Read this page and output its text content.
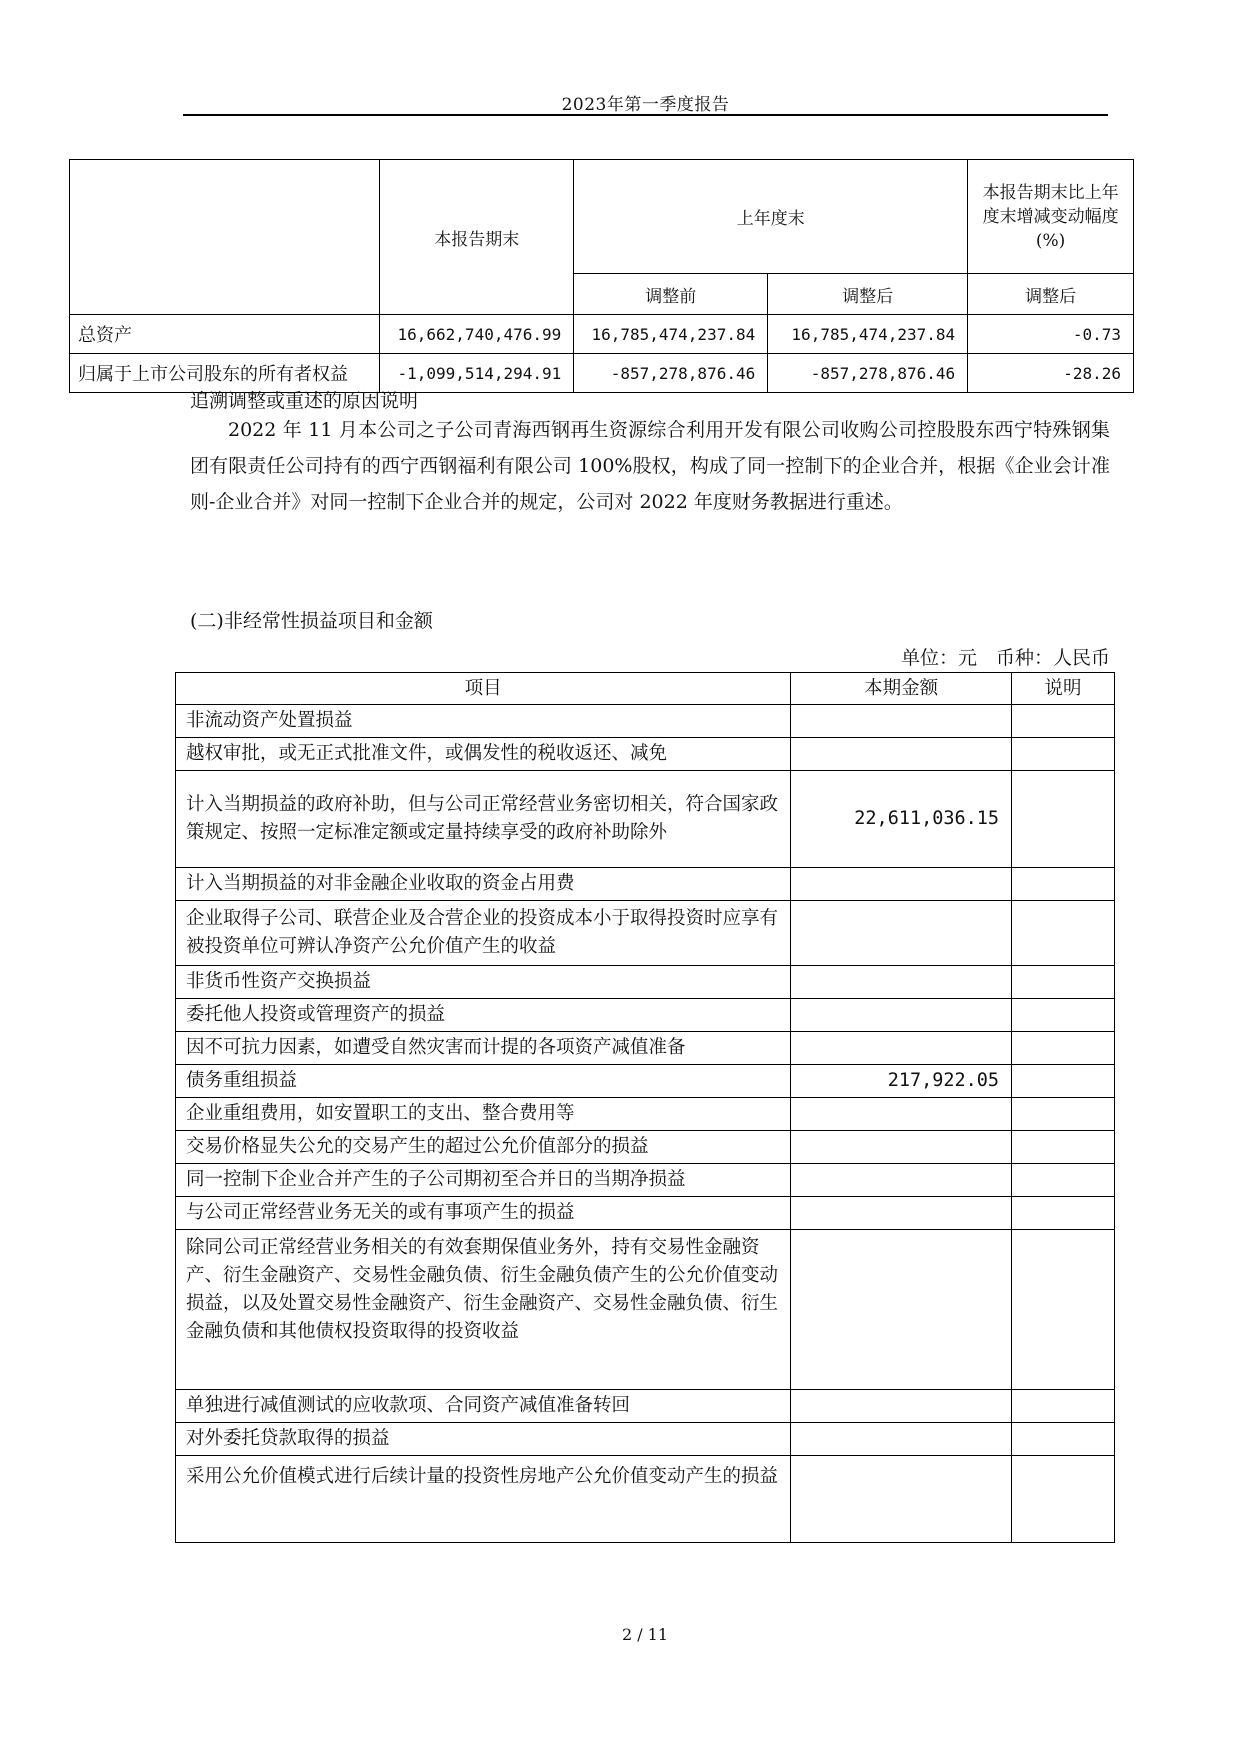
2023年第一季度报告
	本报告期末	上年度末		本报告期末比上年度末增减变动幅度(%)
		调整前	调整后	调整后
总资产	16,662,740,476.99	16,785,474,237.84	16,785,474,237.84	-0.73
归属于上市公司股东的所有者权益	-1,099,514,294.91	-857,278,876.46	-857,278,876.46	-28.26
追溯调整或重述的原因说明
2022 年 11 月本公司之子公司青海西钢再生资源综合利用开发有限公司收购公司控股股东西宁特殊钢集团有限责任公司持有的西宁西钢福利有限公司 100%股权，构成了同一控制下的企业合并，根据《企业会计准则-企业合并》对同一控制下企业合并的规定，公司对 2022 年度财务教据进行重述。
(二)非经常性损益项目和金额
单位：元　币种：人民币
项目	本期金额	说明
非流动资产处置损益		
越权审批，或无正式批准文件，或偶发性的税收返还、减免		
计入当期损益的政府补助，但与公司正常经营业务密切相关，符合国家政策规定、按照一定标准定额或定量持续享受的政府补助除外	22,611,036.15	
计入当期损益的对非金融企业收取的资金占用费		
企业取得子公司、联营企业及合营企业的投资成本小于取得投资时应享有被投资单位可辨认净资产公允价值产生的收益		
非货币性资产交换损益		
委托他人投资或管理资产的损益		
因不可抗力因素，如遭受自然灾害而计提的各项资产减值准备		
债务重组损益	217,922.05	
企业重组费用，如安置职工的支出、整合费用等		
交易价格显失公允的交易产生的超过公允价值部分的损益		
同一控制下企业合并产生的子公司期初至合并日的当期净损益		
与公司正常经营业务无关的或有事项产生的损益		
除同公司正常经营业务相关的有效套期保值业务外，持有交易性金融资产、衍生金融资产、交易性金融负债、衍生金融负债产生的公允价值变动损益，以及处置交易性金融资产、衍生金融资产、交易性金融负债、衍生金融负债和其他债权投资取得的投资收益		
单独进行减值测试的应收款项、合同资产减值准备转回		
对外委托贷款取得的损益		
采用公允价值模式进行后续计量的投资性房地产公允价值变动产生的损益		
2 / 11
